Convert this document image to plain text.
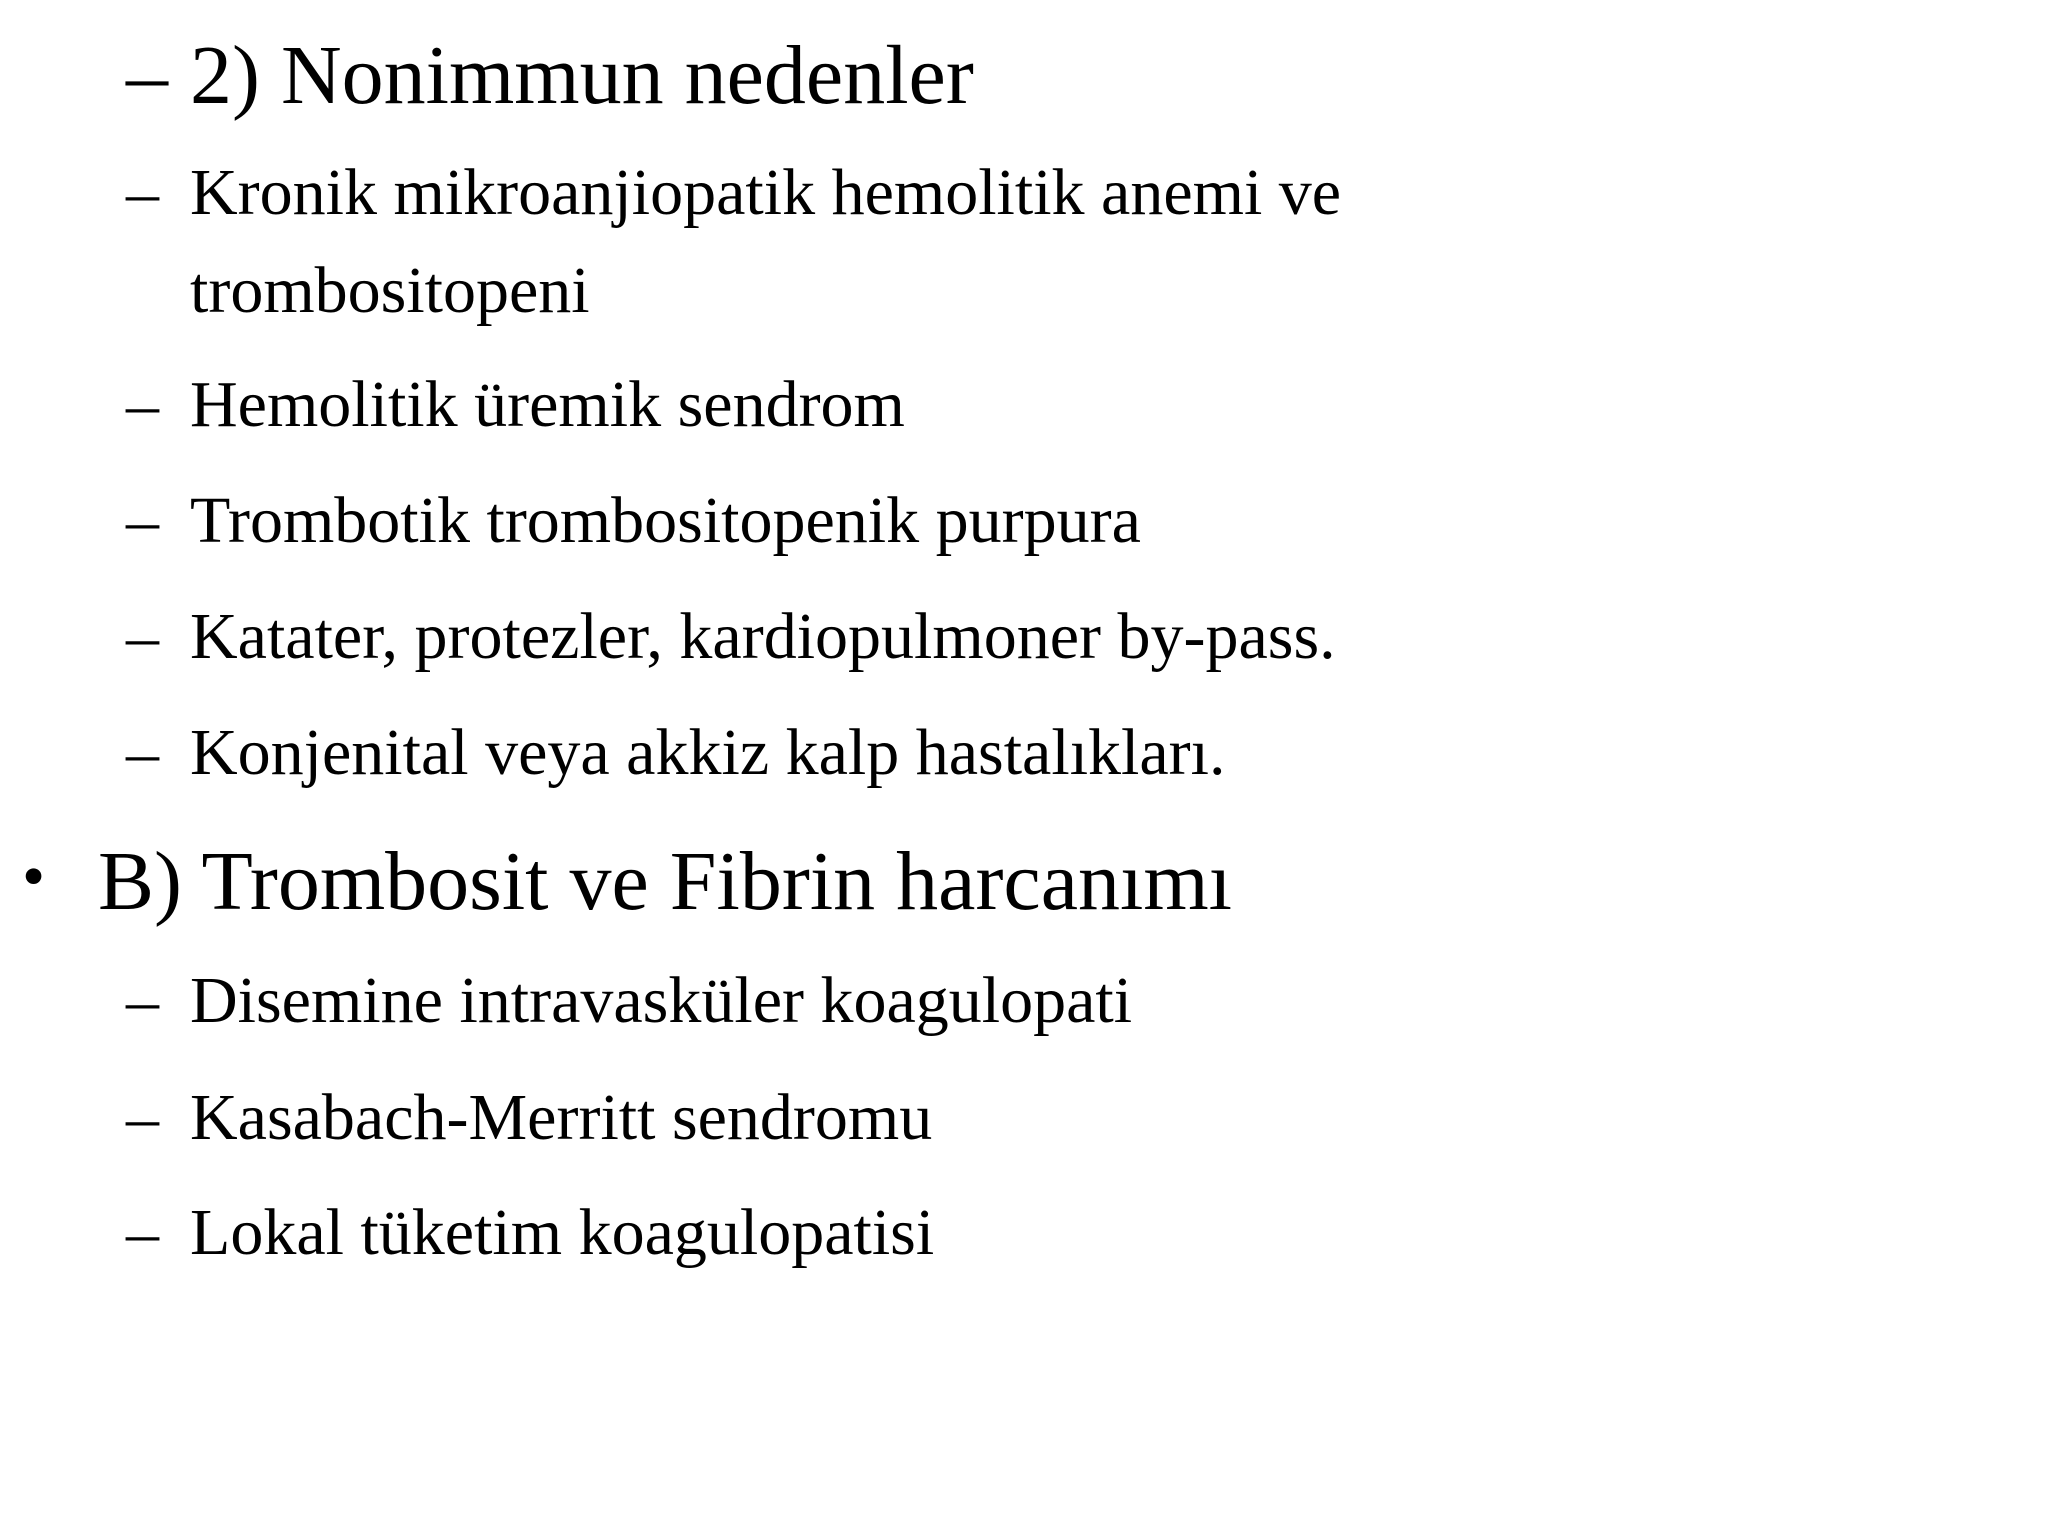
– 2) Nonimmun nedenler
– Kronik mikroanjiopatik hemolitik anemi ve
trombositopeni
– Hemolitik üremik sendrom
– Trombotik trombositopenik purpura
– Katater, protezler, kardiopulmoner by-pass.
– Konjenital veya akkiz kalp hastalıkları.
• B) Trombosit ve Fibrin harcanımı
– Disemine intravasküler koagulopati
– Kasabach-Merritt sendromu
– Lokal tüketim koagulopatisi
